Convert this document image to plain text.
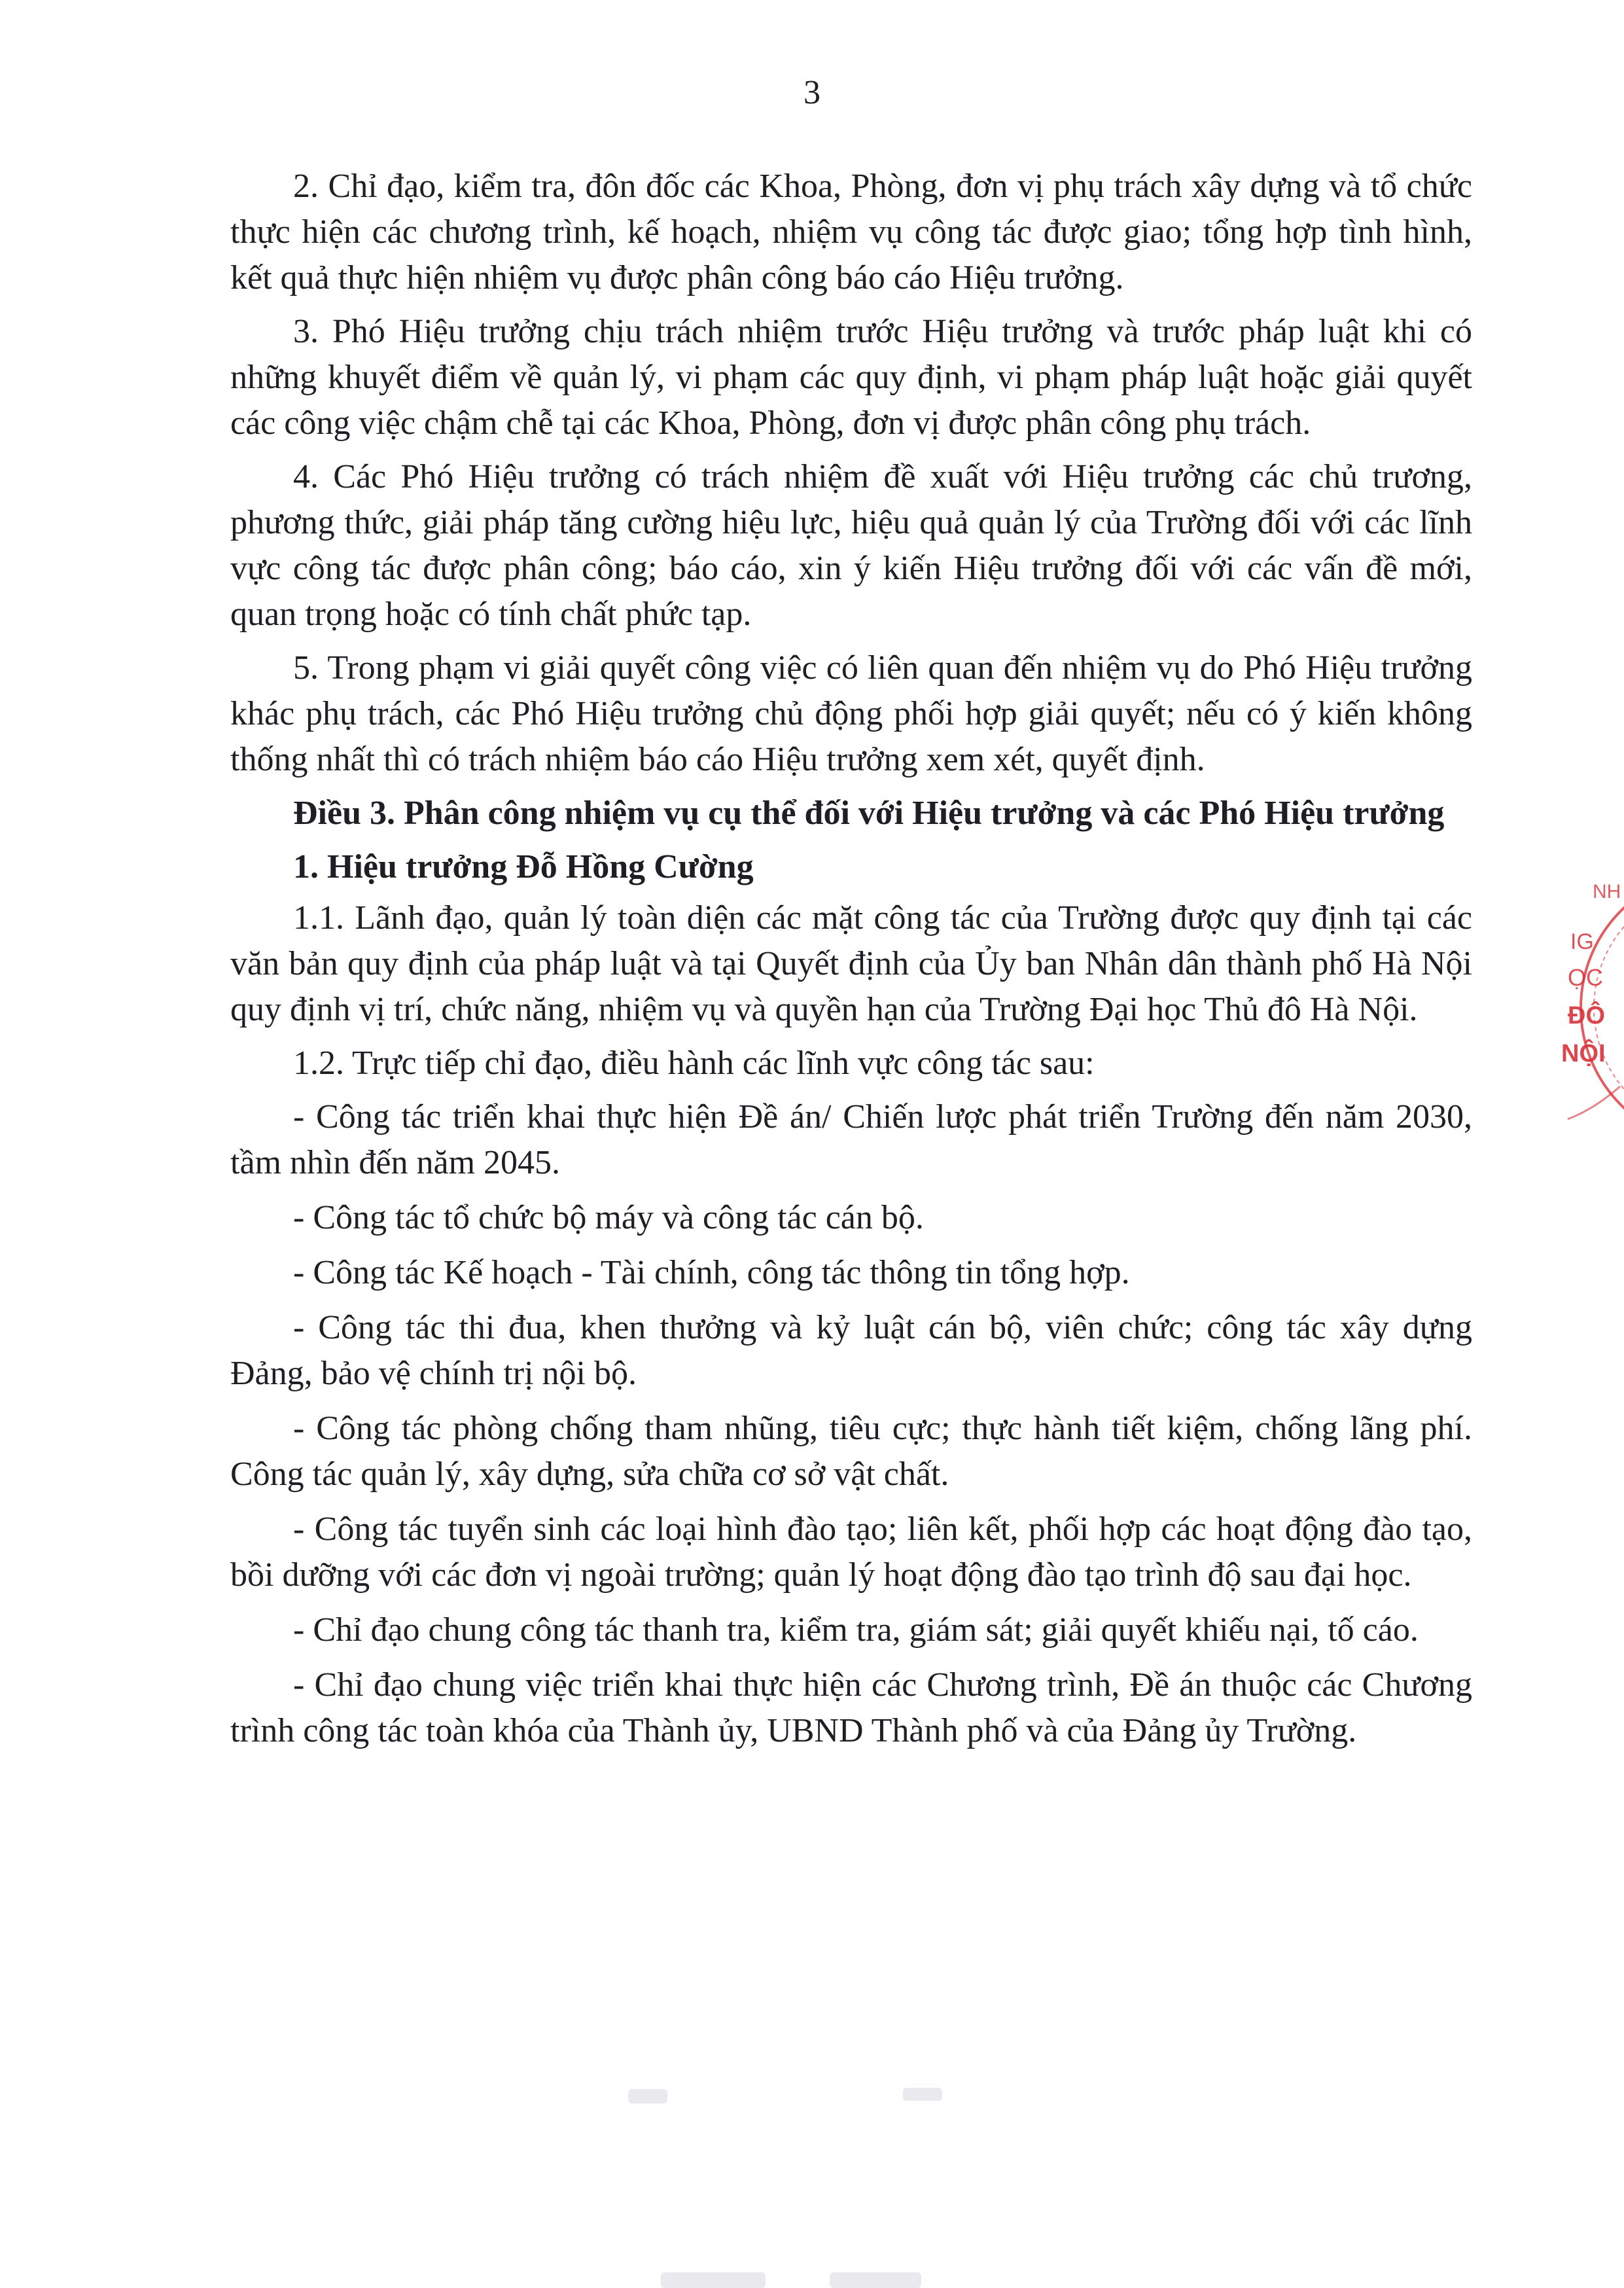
3

2. Chỉ đạo, kiểm tra, đôn đốc các Khoa, Phòng, đơn vị phụ trách xây dựng và tổ chức thực hiện các chương trình, kế hoạch, nhiệm vụ công tác được giao; tổng hợp tình hình, kết quả thực hiện nhiệm vụ được phân công báo cáo Hiệu trưởng.

3. Phó Hiệu trưởng chịu trách nhiệm trước Hiệu trưởng và trước pháp luật khi có những khuyết điểm về quản lý, vi phạm các quy định, vi phạm pháp luật hoặc giải quyết các công việc chậm chễ tại các Khoa, Phòng, đơn vị được phân công phụ trách.

4. Các Phó Hiệu trưởng có trách nhiệm đề xuất với Hiệu trưởng các chủ trương, phương thức, giải pháp tăng cường hiệu lực, hiệu quả quản lý của Trường đối với các lĩnh vực công tác được phân công; báo cáo, xin ý kiến Hiệu trưởng đối với các vấn đề mới, quan trọng hoặc có tính chất phức tạp.

5. Trong phạm vi giải quyết công việc có liên quan đến nhiệm vụ do Phó Hiệu trưởng khác phụ trách, các Phó Hiệu trưởng chủ động phối hợp giải quyết; nếu có ý kiến không thống nhất thì có trách nhiệm báo cáo Hiệu trưởng xem xét, quyết định.

Điều 3. Phân công nhiệm vụ cụ thể đối với Hiệu trưởng và các Phó Hiệu trưởng

1. Hiệu trưởng Đỗ Hồng Cường

1.1. Lãnh đạo, quản lý toàn diện các mặt công tác của Trường được quy định tại các văn bản quy định của pháp luật và tại Quyết định của Ủy ban Nhân dân thành phố Hà Nội quy định vị trí, chức năng, nhiệm vụ và quyền hạn của Trường Đại học Thủ đô Hà Nội.

1.2. Trực tiếp chỉ đạo, điều hành các lĩnh vực công tác sau:

- Công tác triển khai thực hiện Đề án/ Chiến lược phát triển Trường đến năm 2030, tầm nhìn đến năm 2045.

- Công tác tổ chức bộ máy và công tác cán bộ.

- Công tác Kế hoạch - Tài chính, công tác thông tin tổng hợp.

- Công tác thi đua, khen thưởng và kỷ luật cán bộ, viên chức; công tác xây dựng Đảng, bảo vệ chính trị nội bộ.

- Công tác phòng chống tham nhũng, tiêu cực; thực hành tiết kiệm, chống lãng phí. Công tác quản lý, xây dựng, sửa chữa cơ sở vật chất.

- Công tác tuyển sinh các loại hình đào tạo; liên kết, phối hợp các hoạt động đào tạo, bồi dưỡng với các đơn vị ngoài trường; quản lý hoạt động đào tạo trình độ sau đại học.

- Chỉ đạo chung công tác thanh tra, kiểm tra, giám sát; giải quyết khiếu nại, tố cáo.

- Chỉ đạo chung việc triển khai thực hiện các Chương trình, Đề án thuộc các Chương trình công tác toàn khóa của Thành ủy, UBND Thành phố và của Đảng ủy Trường.

NH
IG
ỌC
ĐÔ
NỘI
